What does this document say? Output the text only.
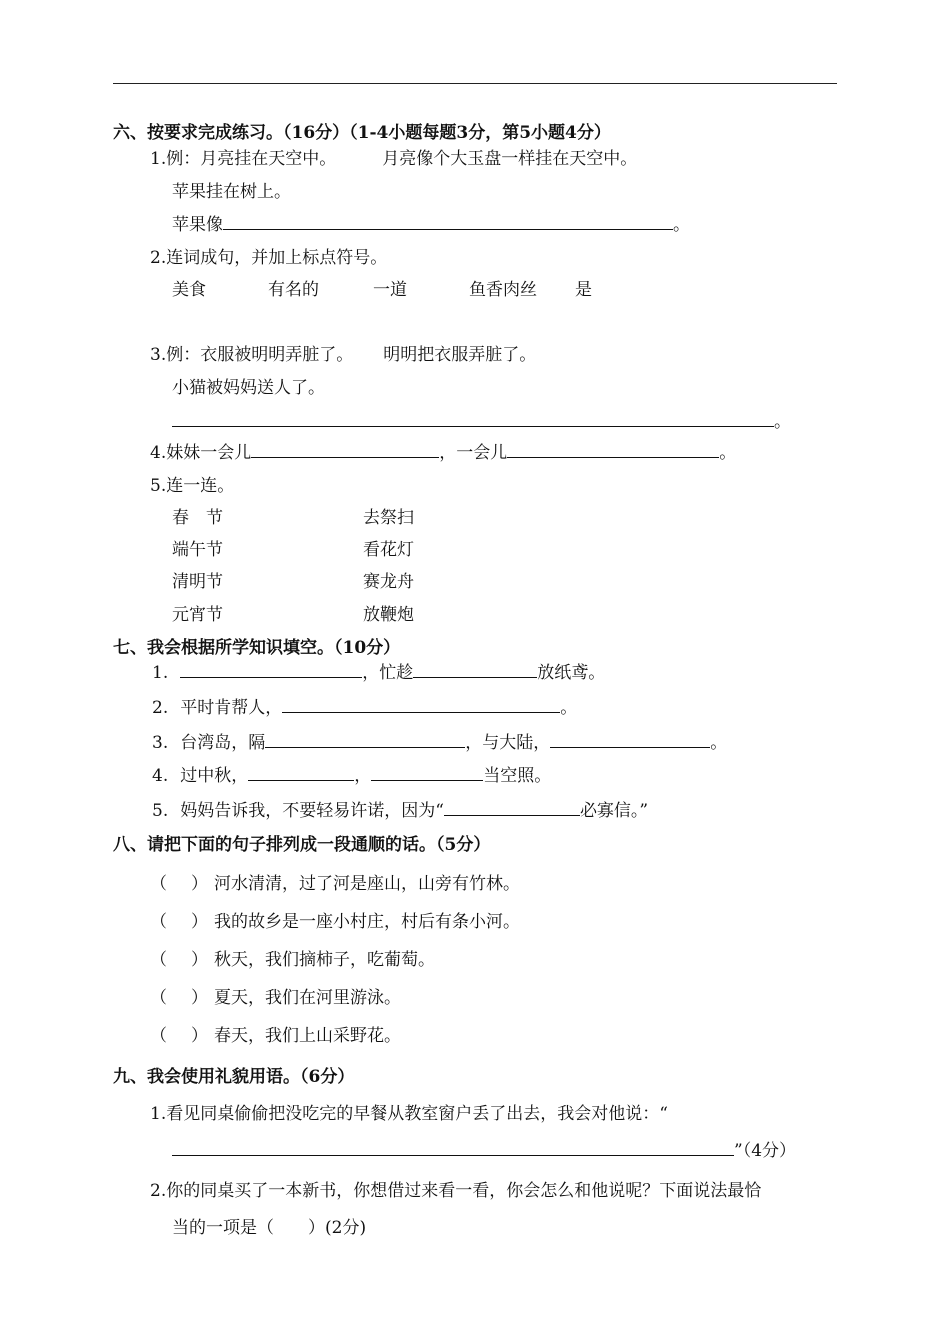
六、按要求完成练习。（16分）（1-4小题每题3分，第5小题4分）
1.例：月亮挂在天空中。	月亮像个大玉盘一样挂在天空中。
苹果挂在树上。
苹果像	。
2.连词成句，并加上标点符号。
美食	有名的	一道	鱼香肉丝 是
3.例：衣服被明明弄脏了。 明明把衣服弄脏了。
小猫被妈妈送人了。
。
4.妹妹一会儿	，一会儿	。
5.连一连。
春　节	去祭扫
端午节	看花灯
清明节	赛龙舟
元宵节	放鞭炮
七、我会根据所学知识填空。（10分）
1.	，忙趁	放纸鸢。
2. 平时肯帮人，	。
3. 台湾岛，隔	，与大陆，	。
4. 过中秋，	，	当空照。
5. 妈妈告诉我，不要轻易许诺，因为“	必寡信。”
八、请把下面的句子排列成一段通顺的话。（5分）
（ ） 河水清清，过了河是座山，山旁有竹林。
（ ） 我的故乡是一座小村庄，村后有条小河。
（ ） 秋天，我们摘柿子，吃葡萄。
（ ） 夏天，我们在河里游泳。
（ ） 春天，我们上山采野花。
九、我会使用礼貌用语。（6分）
1.看见同桌偷偷把没吃完的早餐从教室窗户丢了出去，我会对他说：“
”（4分）
2.你的同桌买了一本新书，你想借过来看一看，你会怎么和他说呢？下面说法最恰
当的一项是（　　）(2分)
